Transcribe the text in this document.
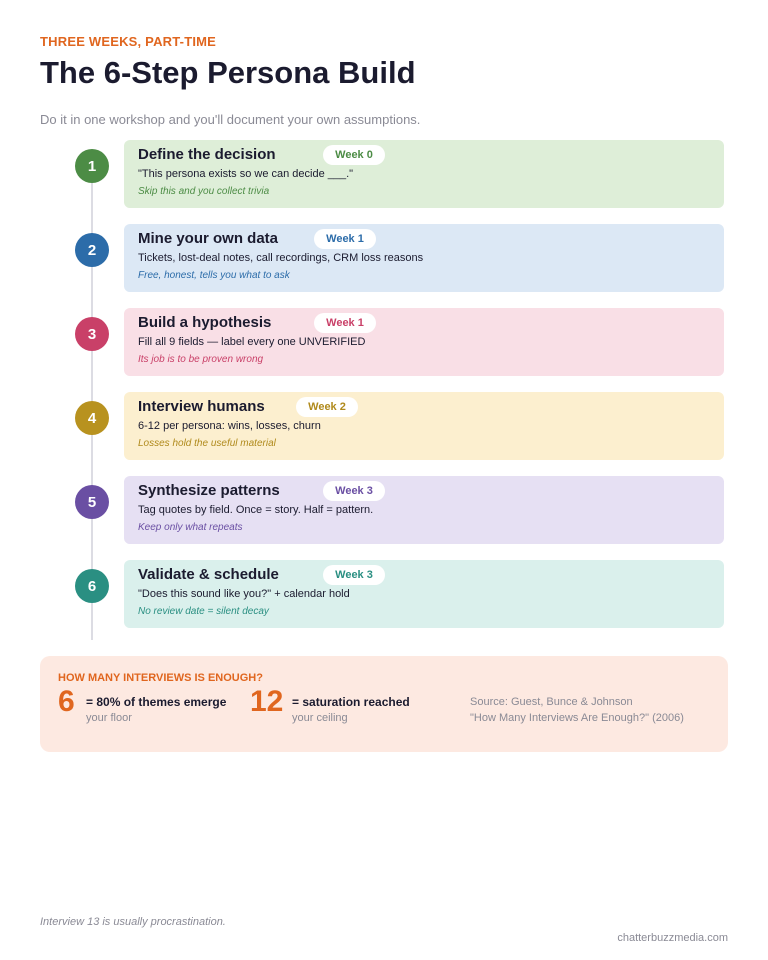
THREE WEEKS, PART-TIME
The 6-Step Persona Build
Do it in one workshop and you'll document your own assumptions.
1
Define the decision	Week 0
"This persona exists so we can decide ___."
Skip this and you collect trivia
2
Mine your own data	Week 1
Tickets, lost-deal notes, call recordings, CRM loss reasons
Free, honest, tells you what to ask
3
Build a hypothesis	Week 1
Fill all 9 fields — label every one UNVERIFIED
Its job is to be proven wrong
4
Interview humans	Week 2
6-12 per persona: wins, losses, churn
Losses hold the useful material
5
Synthesize patterns	Week 3
Tag quotes by field. Once = story. Half = pattern.
Keep only what repeats
6
Validate & schedule	Week 3
"Does this sound like you?" + calendar hold
No review date = silent decay
HOW MANY INTERVIEWS IS ENOUGH?
6 = 80% of themes emerge
your floor	12 = saturation reached
your ceiling
Source: Guest, Bunce & Johnson
"How Many Interviews Are Enough?" (2006)
Interview 13 is usually procrastination.
chatterbuzzmedia.com
